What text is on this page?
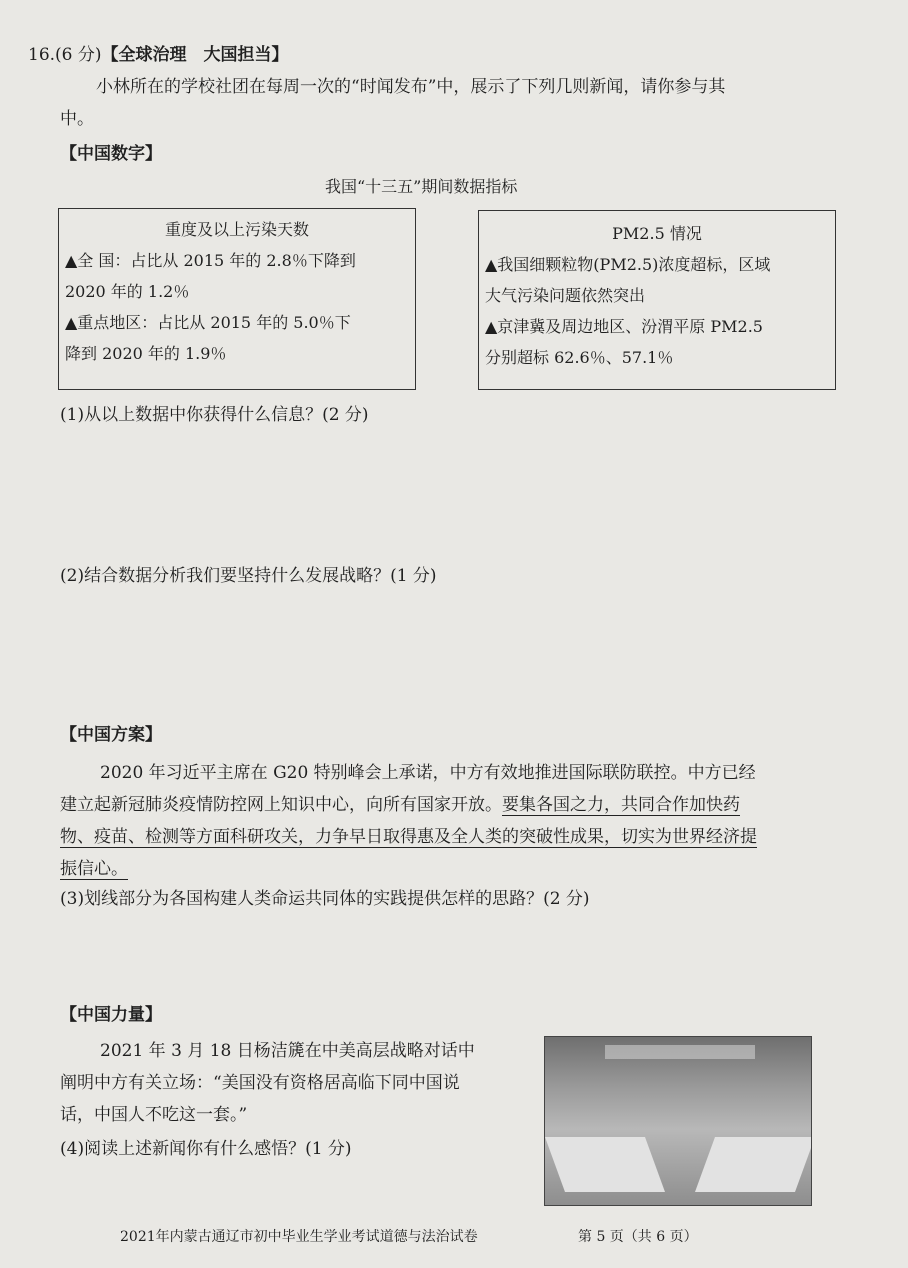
16.(6 分)【全球治理　大国担当】
小林所在的学校社团在每周一次的“时闻发布”中，展示了下列几则新闻，请你参与其
中。
【中国数字】
我国“十三五”期间数据指标
重度及以上污染天数
▲全 国：占比从 2015 年的 2.8％下降到
2020 年的 1.2％
▲重点地区：占比从 2015 年的 5.0％下
降到 2020 年的 1.9％
PM2.5 情况
▲我国细颗粒物(PM2.5)浓度超标，区域
大气污染问题依然突出
▲京津冀及周边地区、汾渭平原 PM2.5
分别超标 62.6％、57.1％
(1)从以上数据中你获得什么信息？(2 分)
(2)结合数据分析我们要坚持什么发展战略？(1 分)
【中国方案】
2020 年习近平主席在 G20 特别峰会上承诺，中方有效地推进国际联防联控。中方已经
建立起新冠肺炎疫情防控网上知识中心，向所有国家开放。要集各国之力，共同合作加快药
物、疫苗、检测等方面科研攻关，力争早日取得惠及全人类的突破性成果，切实为世界经济提
振信心。
(3)划线部分为各国构建人类命运共同体的实践提供怎样的思路？(2 分)
【中国力量】
2021 年 3 月 18 日杨洁篪在中美高层战略对话中
阐明中方有关立场：“美国没有资格居高临下同中国说
话，中国人不吃这一套。”
(4)阅读上述新闻你有什么感悟？(1 分)
2021年内蒙古通辽市初中毕业生学业考试道德与法治试卷	第 5 页（共 6 页）
